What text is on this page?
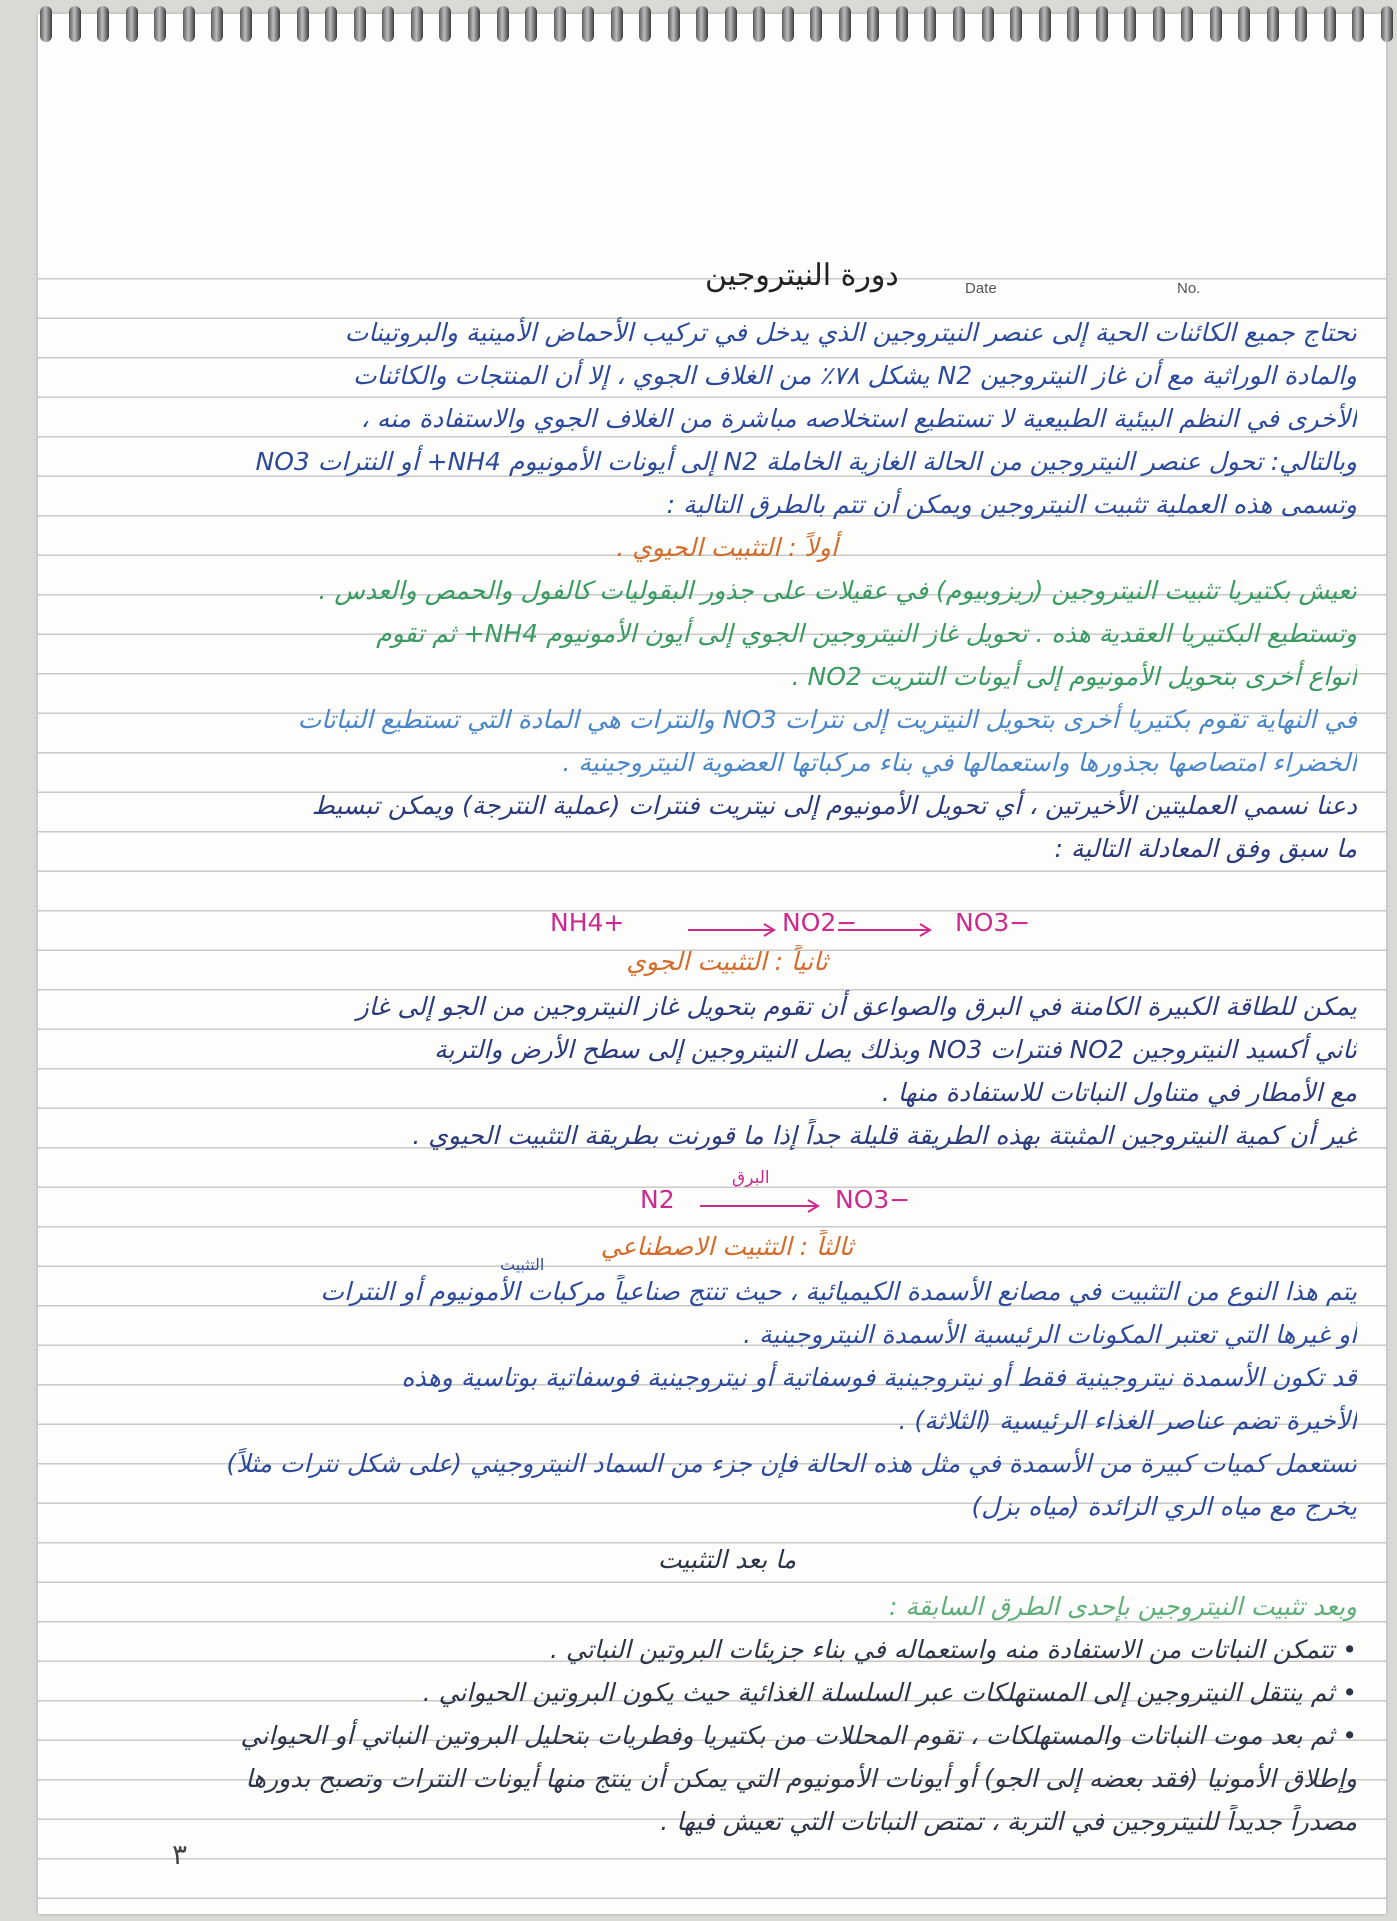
دورة النيتروجين	Date	No.
تحتاج جميع الكائنات الحية إلى عنصر النيتروجين الذي يدخل في تركيب الأحماض الأمينية والبروتينات
والمادة الوراثية مع أن غاز النيتروجين N2 يشكل ٧٨٪ من الغلاف الجوي ، إلا أن المنتجات والكائنات
الأخرى في النظم البيئية الطبيعية لا تستطيع استخلاصه مباشرة من الغلاف الجوي والاستفادة منه ،
وبالتالي: تحول عنصر النيتروجين من الحالة الغازية الخاملة N2 إلى أيونات الأمونيوم NH4+ أو النترات NO3
وتسمى هذه العملية تثبيت النيتروجين ويمكن أن تتم بالطرق التالية :
أولاً : التثبيت الحيوي .
تعيش بكتيريا تثبيت النيتروجين (ريزوبيوم) في عقيلات على جذور البقوليات كالفول والحمص والعدس .
وتستطيع البكتيريا العقدية هذه . تحويل غاز النيتروجين الجوي إلى أيون الأمونيوم NH4+ ثم تقوم
أنواع أخرى بتحويل الأمونيوم إلى أيونات النتريت NO2 .
في النهاية تقوم بكتيريا أخرى بتحويل النيتريت إلى نترات NO3 والنترات هي المادة التي تستطيع النباتات
الخضراء امتصاصها بجذورها واستعمالها في بناء مركباتها العضوية النيتروجينية .
دعنا نسمي العمليتين الأخيرتين ، أي تحويل الأمونيوم إلى نيتريت فنترات (عملية النترجة) ويمكن تبسيط
ما سبق وفق المعادلة التالية :
ثانياً : التثبيت الجوي
يمكن للطاقة الكبيرة الكامنة في البرق والصواعق أن تقوم بتحويل غاز النيتروجين من الجو إلى غاز
ثاني أكسيد النيتروجين NO2 فنترات NO3 وبذلك يصل النيتروجين إلى سطح الأرض والتربة
مع الأمطار في متناول النباتات للاستفادة منها .
غير أن كمية النيتروجين المثبتة بهذه الطريقة قليلة جداً إذا ما قورنت بطريقة التثبيت الحيوي .
ثالثاً : التثبيت الاصطناعي
يتم هذا النوع من التثبيت في مصانع الأسمدة الكيميائية ، حيث تنتج صناعياً مركبات الأمونيوم أو النترات
أو غيرها التي تعتبر المكونات الرئيسية الأسمدة النيتروجينية .
قد تكون الأسمدة نيتروجينية فقط أو نيتروجينية فوسفاتية أو نيتروجينية فوسفاتية بوتاسية وهذه
الأخيرة تضم عناصر الغذاء الرئيسية (الثلاثة) .
تستعمل كميات كبيرة من الأسمدة في مثل هذه الحالة فإن جزء من السماد النيتروجيني (على شكل نترات مثلاً)
يخرج مع مياه الري الزائدة (مياه بزل)
ما بعد التثبيت
وبعد تثبيت النيتروجين بإحدى الطرق السابقة :
• تتمكن النباتات من الاستفادة منه واستعماله في بناء جزيئات البروتين النباتي .
• ثم ينتقل النيتروجين إلى المستهلكات عبر السلسلة الغذائية حيث يكون البروتين الحيواني .
• ثم بعد موت النباتات والمستهلكات ، تقوم المحللات من بكتيريا وفطريات بتحليل البروتين النباتي أو الحيواني
وإطلاق الأمونيا (فقد بعضه إلى الجو) أو أيونات الأمونيوم التي يمكن أن ينتج منها أيونات النترات وتصبح بدورها
مصدراً جديداً للنيتروجين في التربة ، تمتص النباتات التي تعيش فيها .
NH4+	NO2−	NO3−
N2
البرق
NO3−
التثبيت
٣
